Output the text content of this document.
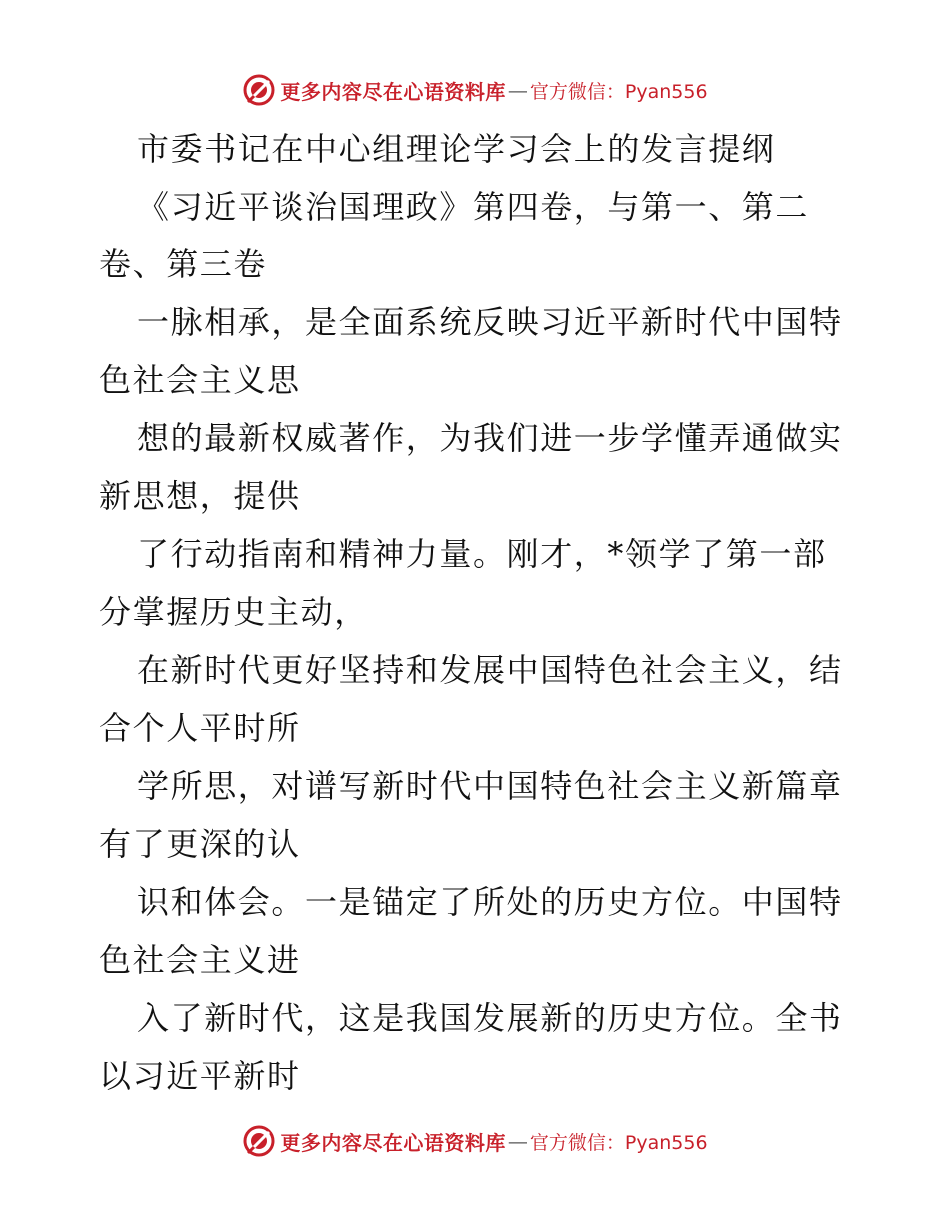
更多内容尽在心语资料库 — 官方微信：Pyan556
市委书记在中心组理论学习会上的发言提纲
《习近平谈治国理政》第四卷，与第一、第二
卷、第三卷
一脉相承，是全面系统反映习近平新时代中国特
色社会主义思
想的最新权威著作，为我们进一步学懂弄通做实
新思想，提供
了行动指南和精神力量。刚才，*领学了第一部
分掌握历史主动，
在新时代更好坚持和发展中国特色社会主义，结
合个人平时所
学所思，对谱写新时代中国特色社会主义新篇章
有了更深的认
识和体会。一是锚定了所处的历史方位。中国特
色社会主义进
入了新时代，这是我国发展新的历史方位。全书
以习近平新时
更多内容尽在心语资料库 — 官方微信：Pyan556
